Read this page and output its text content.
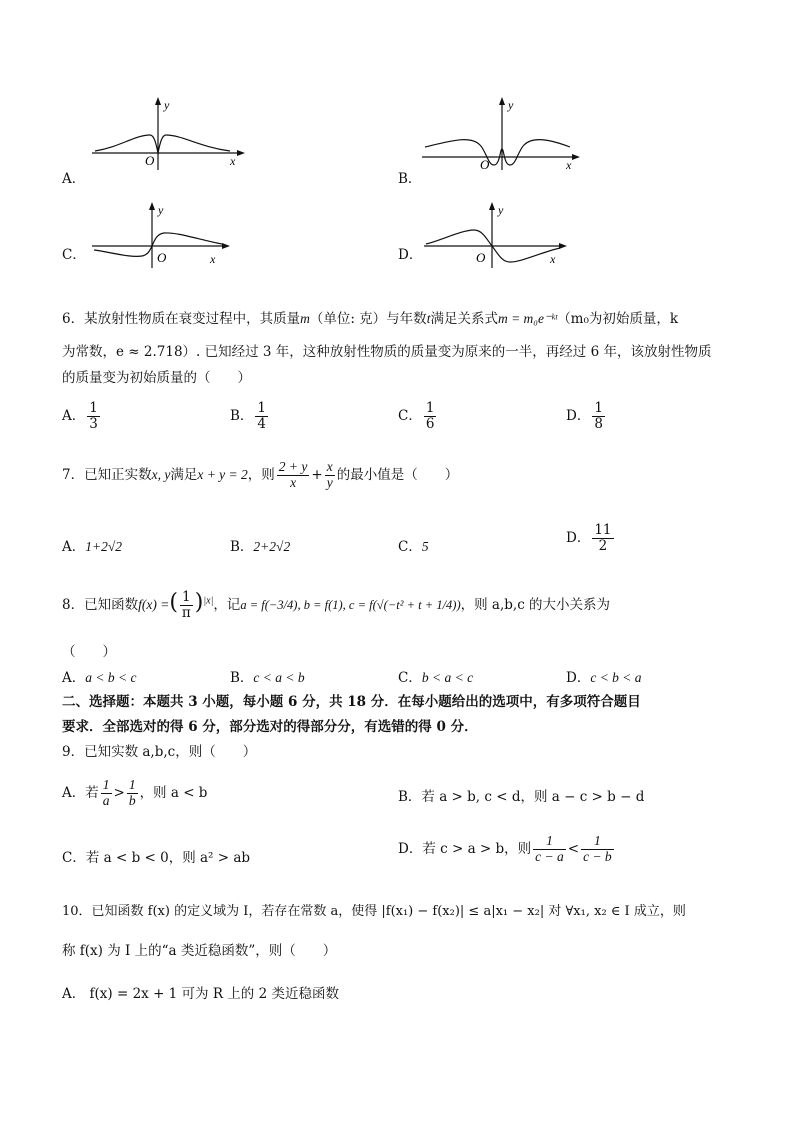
A．
y
x
O
B．
y
x
O
C．
y
x
O	D．
y
x
O
6．某放射性物质在衰变过程中，其质量m（单位: 克）与年数t满足关系式m = m₀e⁻ᵏᵗ（m₀为初始质量，k
为常数，e ≈ 2.718）. 已知经过 3 年，这种放射性物质的质量变为原来的一半，再经过 6 年，该放射性物质
的质量变为初始质量的（　　）
A． $\frac{1}{3}$	B． $\frac{1}{4}$	C． $\frac{1}{6}$	D． $\frac{1}{8}$
7．已知正实数x, y满足x + y = 2，则 $\frac{2 + y}{x} + \frac{x}{y}$ 的最小值是（　　）
A．1+2√2	B．2+2√2	C．5
D． $\frac{11}{2}$
8．已知函数f(x) =( $\frac{1}{\pi} )^{|x|}$，记a = f(−3/4), b = f(1), c = f(√(−t² + t + 1/4))，则 a,b,c 的大小关系为
（　　）
A．a < b < c	B．c < a < b	C．b < a < c	D．c < b < a
二、选择题：本题共 3 小题，每小题 6 分，共 18 分．在每小题给出的选项中，有多项符合题目
要求．全部选对的得 6 分，部分选对的得部分分，有选错的得 0 分．
9．已知实数 a,b,c，则（　　）
A．若 $\frac{1}{a} > \frac{1}{b}$ ，则 a < b	B．若 a > b, c < d，则 a − c > b − d
C．若 a < b < 0，则 a² > ab
D．若 c > a > b，则 $\frac{1}{c - a} < \frac{1}{c - b}$
10．已知函数 f(x) 的定义域为 I，若存在常数 a，使得 |f(x₁) − f(x₂)| ≤ a|x₁ − x₂| 对 ∀x₁, x₂ ∈ I 成立，则
称 f(x) 为 I 上的“a 类近稳函数”，则（　　）
A． f(x) = 2x + 1 可为 R 上的 2 类近稳函数
